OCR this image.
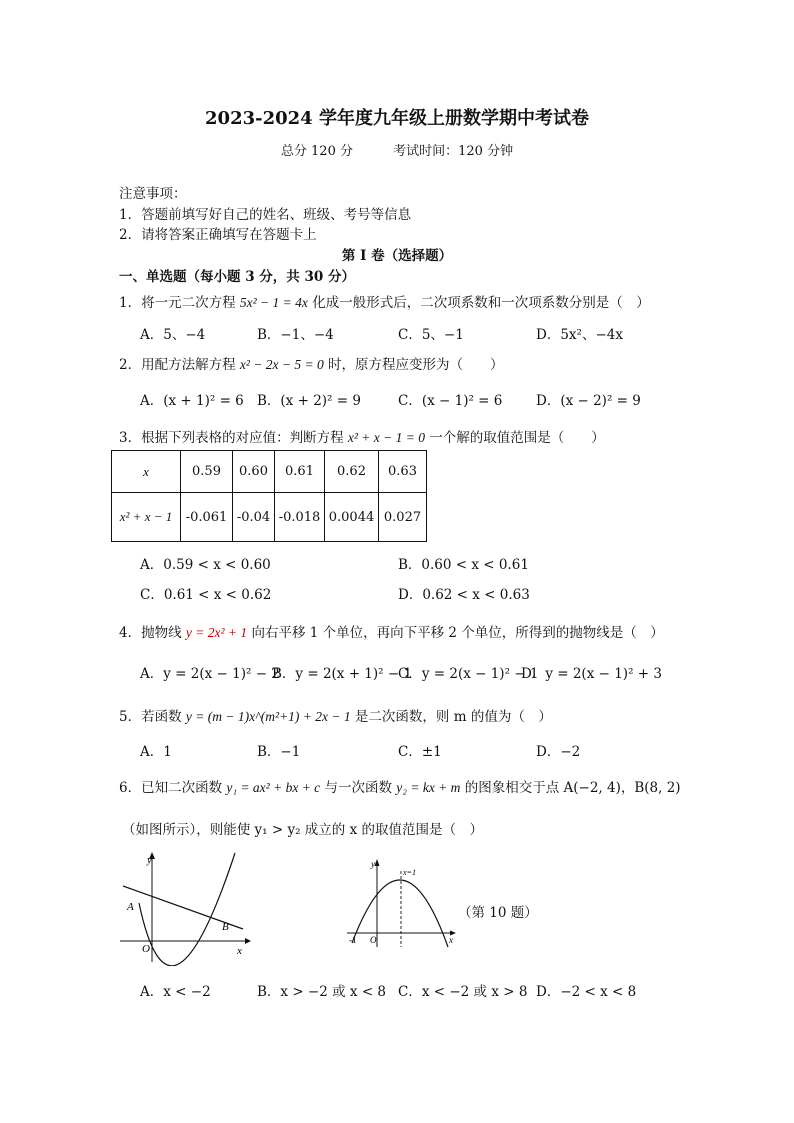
2023-2024 学年度九年级上册数学期中考试卷
总分 120 分	考试时间：120 分钟
注意事项：
1．答题前填写好自己的姓名、班级、考号等信息
2．请将答案正确填写在答题卡上
第 I 卷（选择题）
一、单选题（每小题 3 分，共 30 分）
1．将一元二次方程 5x² − 1 = 4x 化成一般形式后，二次项系数和一次项系数分别是（　）
A．5、−4	B．−1、−4	C．5、−1	D．5x²、−4x
2．用配方法解方程 x² − 2x − 5 = 0 时，原方程应变形为（　　）
A．(x + 1)² = 6 B．(x + 2)² = 9	C．(x − 1)² = 6 D．(x − 2)² = 9
3．根据下列表格的对应值：判断方程 x² + x − 1 = 0 一个解的取值范围是（　　）
x	0.59	0.60	0.61	0.62	0.63
x² + x − 1	-0.061	-0.04	-0.018	0.0044	0.027
A．0.59 < x < 0.60	B．0.60 < x < 0.61
C．0.61 < x < 0.62	D．0.62 < x < 0.63
4．抛物线 y = 2x² + 1 向右平移 1 个单位，再向下平移 2 个单位，所得到的抛物线是（　）
A．y = 2(x − 1)² − 2
B．y = 2(x + 1)² − 1
C．y = 2(x − 1)² − 1
D．y = 2(x − 1)² + 3
5．若函数 y = (m − 1)x^(m²+1) + 2x − 1 是二次函数，则 m 的值为（　）
A．1	B．−1	C．±1	D．−2
6．已知二次函数 y₁ = ax² + bx + c 与一次函数 y₂ = kx + m 的图象相交于点 A(−2, 4)，B(8, 2)
（如图所示），则能使 y₁ > y₂ 成立的 x 的取值范围是（　）
y
x
O
A
B
y
x
O
-1
x=1
（第 10 题）
A．x < −2	B．x > −2 或 x < 8 C．x < −2 或 x > 8 D．−2 < x < 8
